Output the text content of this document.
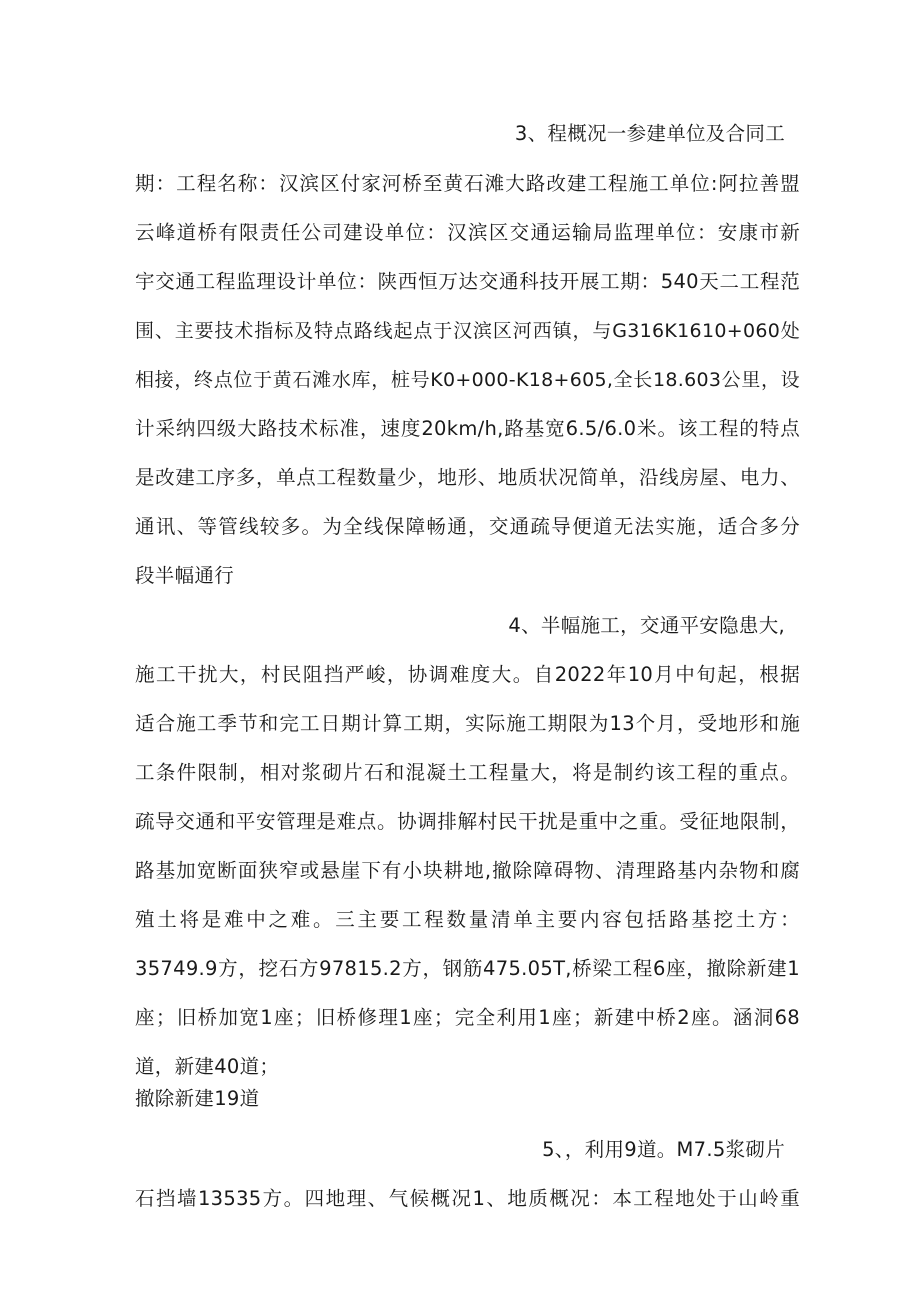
3、程概况一参建单位及合同工
期：工程名称：汉滨区付家河桥至黄石滩大路改建工程施工单位:阿拉善盟
云峰道桥有限责任公司建设单位：汉滨区交通运输局监理单位：安康市新
宇交通工程监理设计单位：陕西恒万达交通科技开展工期：540天二工程范
围、主要技术指标及特点路线起点于汉滨区河西镇，与G316K1610+060处
相接，终点位于黄石滩水库，桩号K0+000-K18+605,全长18.603公里，设
计采纳四级大路技术标准，速度20km∕h,路基宽6.5/6.0米。该工程的特点
是改建工序多，单点工程数量少，地形、地质状况简单，沿线房屋、电力、
通讯、等管线较多。为全线保障畅通，交通疏导便道无法实施，适合多分
段半幅通行
4、半幅施工，交通平安隐患大,
施工干扰大，村民阻挡严峻，协调难度大。自2022年10月中旬起，根据
适合施工季节和完工日期计算工期，实际施工期限为13个月，受地形和施
工条件限制，相对浆砌片石和混凝土工程量大，将是制约该工程的重点。
疏导交通和平安管理是难点。协调排解村民干扰是重中之重。受征地限制，
路基加宽断面狭窄或悬崖下有小块耕地,撤除障碍物、清理路基内杂物和腐
殖土将是难中之难。三主要工程数量清单主要内容包括路基挖土方：
35749.9方，挖石方97815.2方，钢筋475.05T,桥梁工程6座，撤除新建1
座；旧桥加宽1座；旧桥修理1座；完全利用1座；新建中桥2座。涵洞68
道，新建40道；
撤除新建19道
5、，利用9道。M7.5浆砌片
石挡墙13535方。四地理、气候概况1、地质概况：本工程地处于山岭重
